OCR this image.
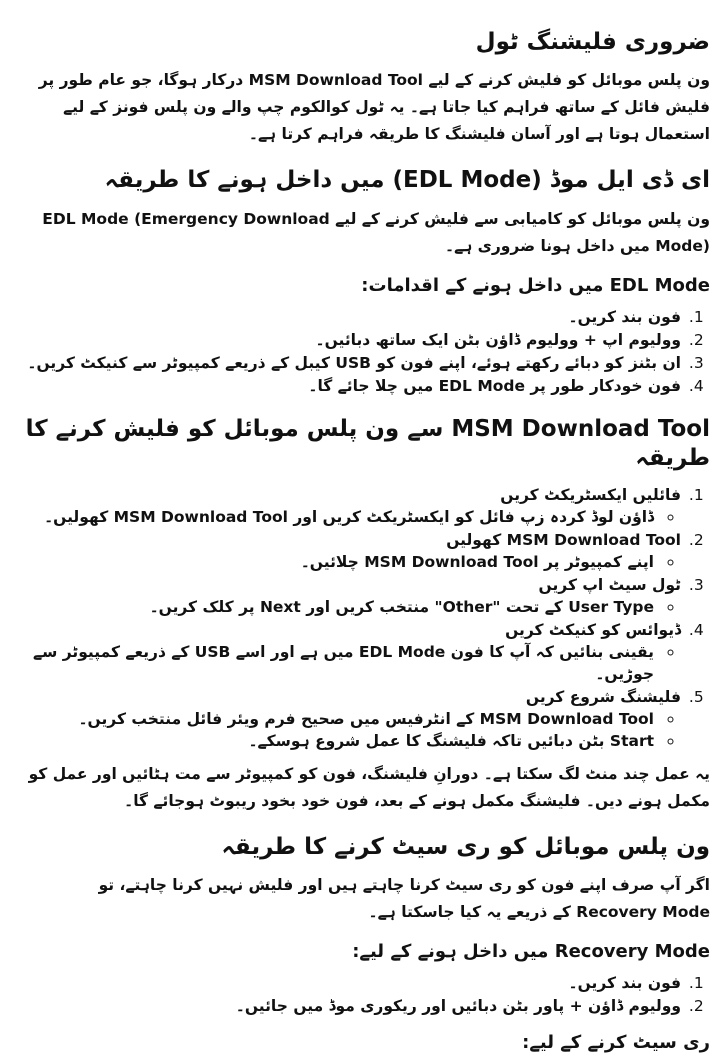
ضروری فلیشنگ ٹول

ون پلس موبائل کو فلیش کرنے کے لیے MSM Download Tool درکار ہوگا، جو عام طور پر فلیش فائل کے ساتھ فراہم کیا جاتا ہے۔ یہ ٹول کوالکوم چپ والے ون پلس فونز کے لیے استعمال ہوتا ہے اور آسان فلیشنگ کا طریقہ فراہم کرتا ہے۔

ای ڈی ایل موڈ (EDL Mode) میں داخل ہونے کا طریقہ

ون پلس موبائل کو کامیابی سے فلیش کرنے کے لیے EDL Mode (Emergency Download Mode) میں داخل ہونا ضروری ہے۔

EDL Mode میں داخل ہونے کے اقدامات:
1. فون بند کریں۔
2. وولیوم اپ + وولیوم ڈاؤن بٹن ایک ساتھ دبائیں۔
3. ان بٹنز کو دبائے رکھتے ہوئے، اپنے فون کو USB کیبل کے ذریعے کمپیوٹر سے کنیکٹ کریں۔
4. فون خودکار طور پر EDL Mode میں چلا جائے گا۔
MSM Download Tool سے ون پلس موبائل کو فلیش کرنے کا طریقہ
1. فائلیں ایکسٹریکٹ کریں
◦ ڈاؤن لوڈ کردہ زپ فائل کو ایکسٹریکٹ کریں اور MSM Download Tool کھولیں۔
2. MSM Download Tool کھولیں
◦ اپنے کمپیوٹر پر MSM Download Tool چلائیں۔
3. ٹول سیٹ اپ کریں
◦ User Type کے تحت "Other" منتخب کریں اور Next پر کلک کریں۔
4. ڈیوائس کو کنیکٹ کریں
◦ یقینی بنائیں کہ آپ کا فون EDL Mode میں ہے اور اسے USB کے ذریعے کمپیوٹر سے جوڑیں۔
5. فلیشنگ شروع کریں
◦ MSM Download Tool کے انٹرفیس میں صحیح فرم ویئر فائل منتخب کریں۔
◦ Start بٹن دبائیں تاکہ فلیشنگ کا عمل شروع ہوسکے۔

یہ عمل چند منٹ لگ سکتا ہے۔ دورانِ فلیشنگ، فون کو کمپیوٹر سے مت ہٹائیں اور عمل کو مکمل ہونے دیں۔ فلیشنگ مکمل ہونے کے بعد، فون خود بخود ریبوٹ ہوجائے گا۔

ون پلس موبائل کو ری سیٹ کرنے کا طریقہ

اگر آپ صرف اپنے فون کو ری سیٹ کرنا چاہتے ہیں اور فلیش نہیں کرنا چاہتے، تو Recovery Mode کے ذریعے یہ کیا جاسکتا ہے۔

Recovery Mode میں داخل ہونے کے لیے:
1. فون بند کریں۔
2. وولیوم ڈاؤن + پاور بٹن دبائیں اور ریکوری موڈ میں جائیں۔
ری سیٹ کرنے کے لیے:
